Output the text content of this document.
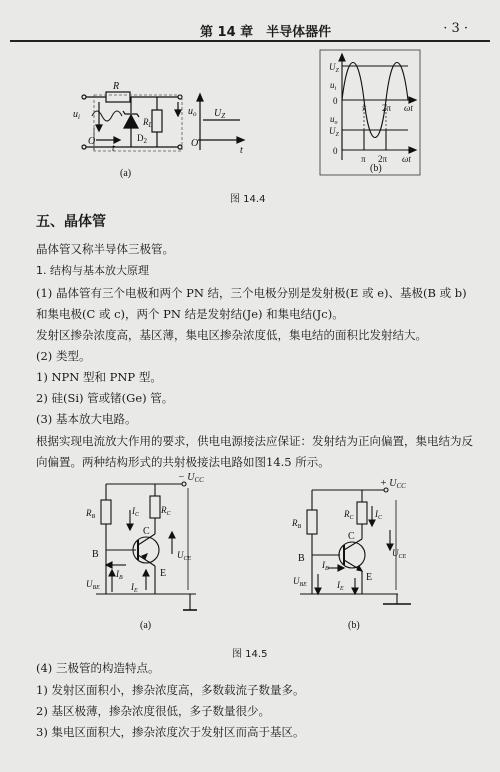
第 14 章　半导体器件	· 3 ·
R
$u_i$
$D_2$
$R_L$
O
t
$u_o$ $U_Z$
O
t
(a)
$U_Z$
$u_i$
0
π 2π ωt
$u_o$
$U_Z$
0
π 2π ωt
(b)
图 14.4
五、晶体管
晶体管又称半导体三极管。
1. 结构与基本放大原理
(1) 晶体管有三个电极和两个 PN 结，三个电极分别是发射极(E 或 e)、基极(B 或 b) 和集电极(C 或 c)，两个 PN 结是发射结(Je) 和集电结(Jc)。
发射区掺杂浓度高，基区薄，集电区掺杂浓度低，集电结的面积比发射结大。
(2) 类型。
1) NPN 型和 PNP 型。
2) 硅(Si) 管或锗(Ge) 管。
(3) 基本放大电路。
根据实现电流放大作用的要求，供电电源接法应保证：发射结为正向偏置，集电结为反向偏置。两种结构形式的共射极接法电路如图14.5 所示。
− $U_{CC}$
$R_B$
$R_C$
$I_C$
C
B
E
$U_{CE}$
$I_B$
$U_{BE}$	$I_E$
(a)
+ $U_{CC}$
$R_B$
$R_C$ $I_C$
C
B
E
$U_{CE}$
$I_B$
$U_{BE}$	$I_E$
(b)
图 14.5
(4) 三极管的构造特点。
1) 发射区面积小，掺杂浓度高，多数载流子数量多。
2) 基区极薄，掺杂浓度很低，多子数量很少。
3) 集电区面积大，掺杂浓度次于发射区而高于基区。
